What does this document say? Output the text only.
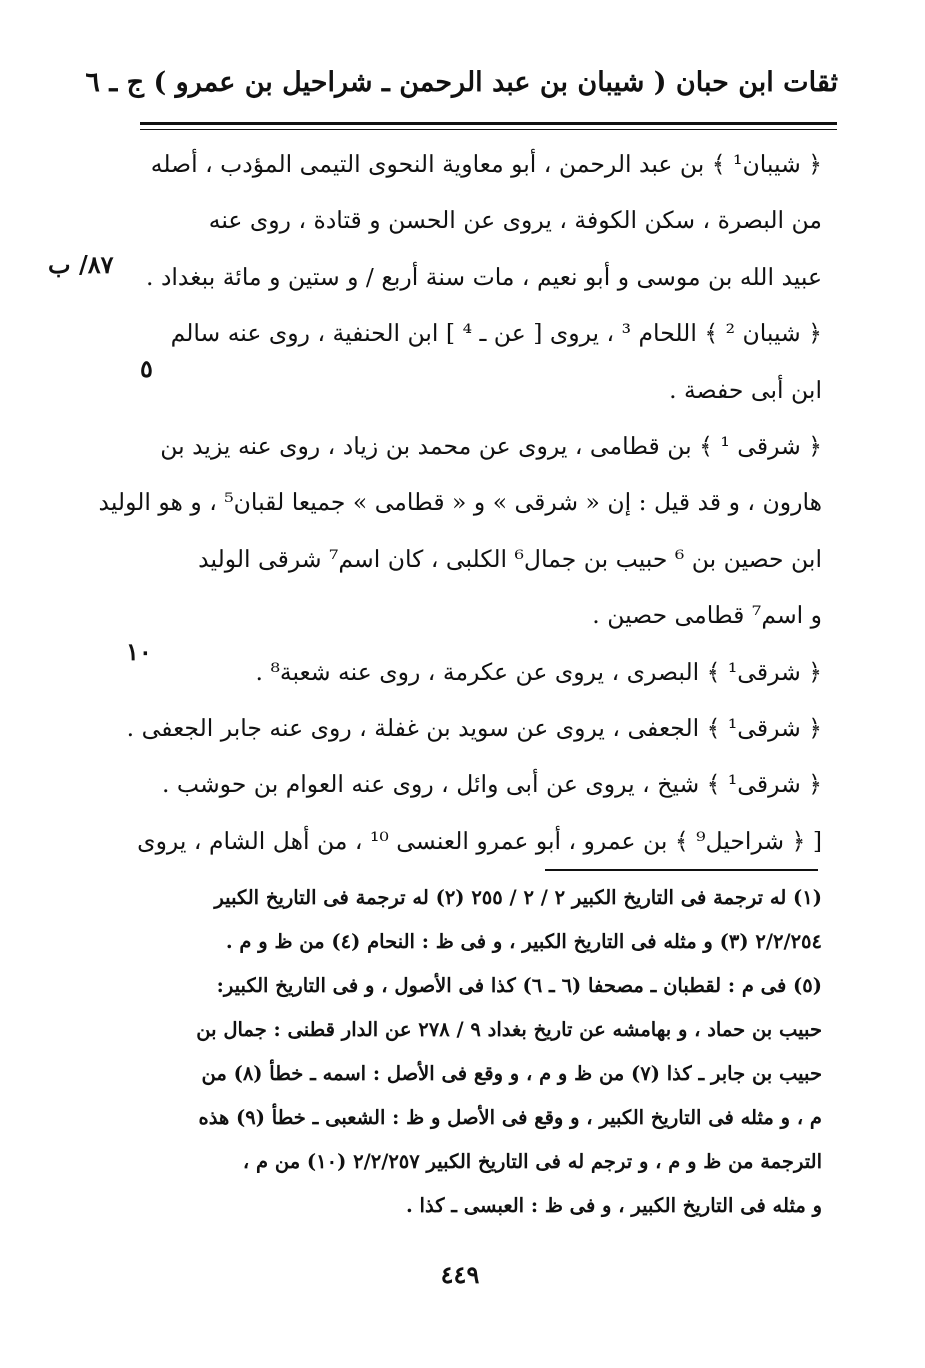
ثقات ابن حبان ( شيبان بن عبد الرحمن ـ شراحيل بن عمرو ) ج ـ ٦
﴿ شيبان¹ ﴾ بن عبد الرحمن ، أبو معاوية النحوى التيمى المؤدب ، أصله
من البصرة ، سكن الكوفة ، يروى عن الحسن و قتادة ، روى عنه
عبيد الله بن موسى و أبو نعيم ، مات سنة أربع / و ستين و مائة ببغداد .
﴿ شيبان ² ﴾ اللحام ³ ، يروى [ عن ـ ⁴ ] ابن الحنفية ، روى عنه سالم
ابن أبى حفصة .
﴿ شرقى ¹ ﴾ بن قطامى ، يروى عن محمد بن زياد ، روى عنه يزيد بن
هارون ، و قد قيل : إن « شرقى » و « قطامى » جميعا لقبان⁵ ، و هو الوليد
ابن حصين بن ⁶ حبيب بن جمال⁶ الكلبى ، كان اسم⁷ شرقى الوليد
و اسم⁷ قطامى حصين .
﴿ شرقى¹ ﴾ البصرى ، يروى عن عكرمة ، روى عنه شعبة⁸ .
﴿ شرقى¹ ﴾ الجعفى ، يروى عن سويد بن غفلة ، روى عنه جابر الجعفى .
﴿ شرقى¹ ﴾ شيخ ، يروى عن أبى وائل ، روى عنه العوام بن حوشب .
[ ﴿ شراحيل⁹ ﴾ بن عمرو ، أبو عمرو العنسى ¹⁰ ، من أهل الشام ، يروى
٨٧/ ب
٥
١٠
(١) له ترجمة فى التاريخ الكبير ٢ / ٢ / ٢٥٥ (٢) له ترجمة فى التاريخ الكبير
٢/٢/٢٥٤ (٣) و مثله فى التاريخ الكبير ، و فى ظ : النحام (٤) من ظ و م .
(٥) فى م : لقطبان ـ مصحفا (٦ ـ ٦) كذا فى الأصول ، و فى التاريخ الكبير:
حبيب بن حماد ، و بهامشه عن تاريخ بغداد ٩ / ٢٧٨ عن الدار قطنى : جمال بن
حبيب بن جابر ـ كذا (٧) من ظ و م ، و وقع فى الأصل : اسمه ـ خطأ (٨) من
م ، و مثله فى التاريخ الكبير ، و وقع فى الأصل و ظ : الشعبى ـ خطأ (٩) هذه
الترجمة من ظ و م ، و ترجم له فى التاريخ الكبير ٢/٢/٢٥٧ (١٠) من م ،
و مثله فى التاريخ الكبير ، و فى ظ : العبسى ـ كذا .
٤٤٩
